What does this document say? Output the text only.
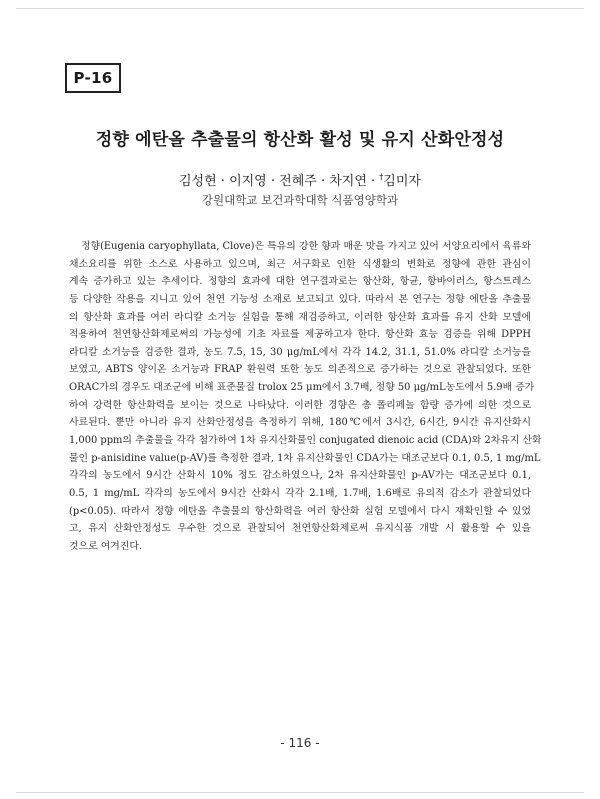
P-16
정향 에탄올 추출물의 항산화 활성 및 유지 산화안정성
김성현 · 이지영 · 전혜주 · 차지연 · †김미자
강원대학교 보건과학대학 식품영양학과
정향(Eugenia caryophyllata, Clove)은 특유의 강한 향과 매운 맛을 가지고 있어 서양요리에서 육류와
채소요리를 위한 소스로 사용하고 있으며, 최근 서구화로 인한 식생활의 변화로 정향에 관한 관심이
계속 증가하고 있는 추세이다. 정향의 효과에 대한 연구결과로는 항산화, 항균, 항바이러스, 항스트레스
등 다양한 작용을 지니고 있어 천연 기능성 소재로 보고되고 있다. 따라서 본 연구는 정향 에탄올 추출물
의 항산화 효과를 여러 라디칼 소거능 실험을 통해 재검증하고, 이러한 항산화 효과를 유지 산화 모델에
적용하여 천연항산화제로써의 가능성에 기초 자료를 제공하고자 한다. 항산화 효능 검증을 위해 DPPH
라디칼 소거능을 검증한 결과, 농도 7.5, 15, 30 μg/mL에서 각각 14.2, 31.1, 51.0% 라디칼 소거능을
보였고, ABTS 양이온 소거능과 FRAP 환원력 또한 농도 의존적으로 증가하는 것으로 관찰되었다. 또한
ORAC가의 경우도 대조군에 비해 표준물질 trolox 25 μm에서 3.7배, 정향 50 μg/mL농도에서 5.9배 증가
하여 강력한 항산화력을 보이는 것으로 나타났다. 이러한 경향은 총 폴리페놀 함량 증가에 의한 것으로
사료된다. 뿐만 아니라 유지 산화안정성을 측정하기 위해, 180℃에서 3시간, 6시간, 9시간 유지산화시
1,000 ppm의 추출물을 각각 첨가하여 1차 유지산화물인 conjugated dienoic acid (CDA)와 2차유지 산화
물인 p-anisidine value(p-AV)를 측정한 결과, 1차 유지산화물인 CDA가는 대조군보다 0.1, 0.5, 1 mg/mL
각각의 농도에서 9시간 산화시 10% 정도 감소하였으나, 2차 유지산화물인 p-AV가는 대조군보다 0.1,
0.5, 1 mg/mL 각각의 농도에서 9시간 산화시 각각 2.1배, 1.7배, 1.6배로 유의적 감소가 관찰되었다
(p<0.05). 따라서 정향 에탄올 추출물의 항산화력을 여러 항산화 실험 모델에서 다시 재확인할 수 있었
고, 유지 산화안정성도 우수한 것으로 관찰되어 천연항산화제로써 유지식품 개발 시 활용할 수 있을
것으로 여겨진다.
- 116 -
